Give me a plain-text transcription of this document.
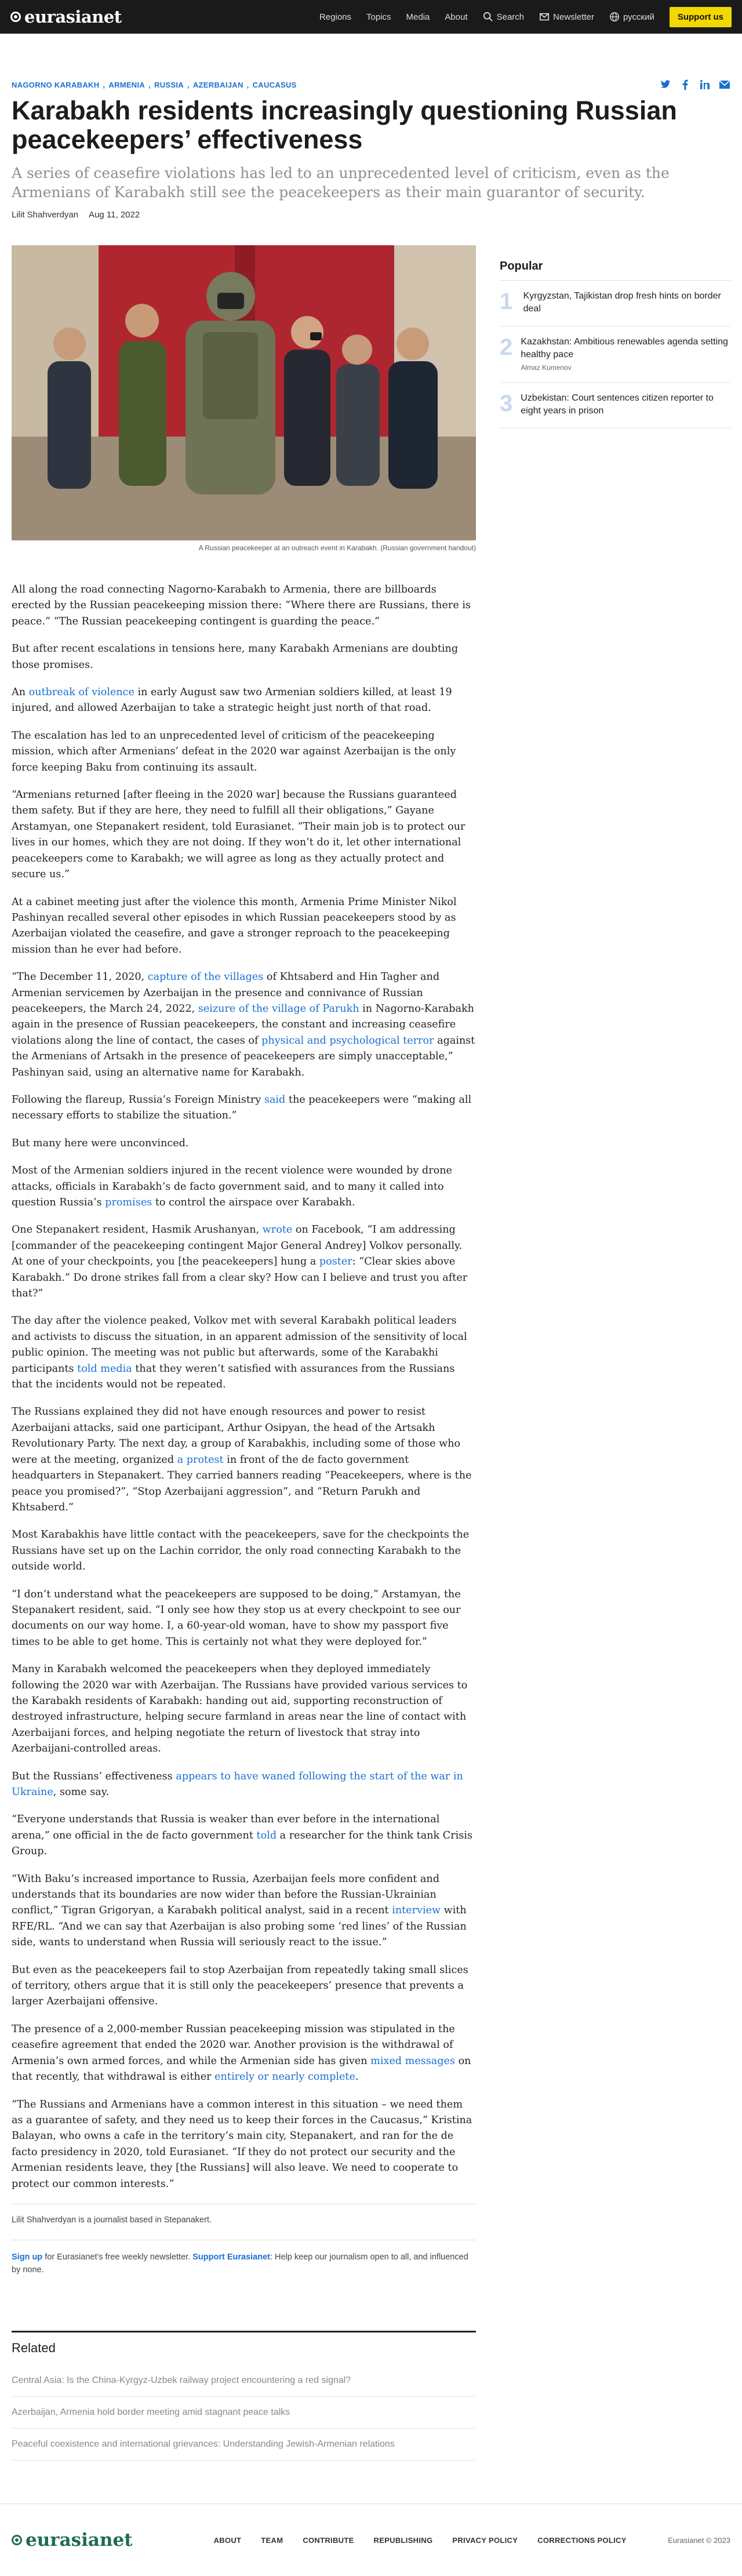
eurasianet	Regions Topics Media About	Search	Newsletter	русский	Support us
NAGORNO KARABAKH , ARMENIA , RUSSIA , AZERBAIJAN , CAUCASUS
Karabakh residents increasingly questioning Russian peacekeepers’ effectiveness

A series of ceasefire violations has led to an unprecedented level of criticism, even as the Armenians of Karabakh still see the peacekeepers as their main guarantor of security.

Lilit Shahverdyan Aug 11, 2022
A Russian peacekeeper at an outreach event in Karabakh. (Russian government handout)
Popular
1 Kyrgyzstan, Tajikistan drop fresh hints on border deal
2 Kazakhstan: Ambitious renewables agenda setting healthy pace
Almaz Kumenov
3 Uzbekistan: Court sentences citizen reporter to eight years in prison

All along the road connecting Nagorno-Karabakh to Armenia, there are billboards erected by the Russian peacekeeping mission there: “Where there are Russians, there is peace.” “The Russian peacekeeping contingent is guarding the peace.”

But after recent escalations in tensions here, many Karabakh Armenians are doubting those promises.

An outbreak of violence in early August saw two Armenian soldiers killed, at least 19 injured, and allowed Azerbaijan to take a strategic height just north of that road.

The escalation has led to an unprecedented level of criticism of the peacekeeping mission, which after Armenians’ defeat in the 2020 war against Azerbaijan is the only force keeping Baku from continuing its assault.

“Armenians returned [after fleeing in the 2020 war] because the Russians guaranteed them safety. But if they are here, they need to fulfill all their obligations,” Gayane Arstamyan, one Stepanakert resident, told Eurasianet. “Their main job is to protect our lives in our homes, which they are not doing. If they won’t do it, let other international peacekeepers come to Karabakh; we will agree as long as they actually protect and secure us.”

At a cabinet meeting just after the violence this month, Armenia Prime Minister Nikol Pashinyan recalled several other episodes in which Russian peacekeepers stood by as Azerbaijan violated the ceasefire, and gave a stronger reproach to the peacekeeping mission than he ever had before.

“The December 11, 2020, capture of the villages of Khtsaberd and Hin Tagher and Armenian servicemen by Azerbaijan in the presence and connivance of Russian peacekeepers, the March 24, 2022, seizure of the village of Parukh in Nagorno-Karabakh again in the presence of Russian peacekeepers, the constant and increasing ceasefire violations along the line of contact, the cases of physical and psychological terror against the Armenians of Artsakh in the presence of peacekeepers are simply unacceptable,” Pashinyan said, using an alternative name for Karabakh.

Following the flareup, Russia’s Foreign Ministry said the peacekeepers were “making all necessary efforts to stabilize the situation.”

But many here were unconvinced.

Most of the Armenian soldiers injured in the recent violence were wounded by drone attacks, officials in Karabakh’s de facto government said, and to many it called into question Russia’s promises to control the airspace over Karabakh.

One Stepanakert resident, Hasmik Arushanyan, wrote on Facebook, “I am addressing [commander of the peacekeeping contingent Major General Andrey] Volkov personally. At one of your checkpoints, you [the peacekeepers] hung a poster: “Clear skies above Karabakh.” Do drone strikes fall from a clear sky? How can I believe and trust you after that?”

The day after the violence peaked, Volkov met with several Karabakh political leaders and activists to discuss the situation, in an apparent admission of the sensitivity of local public opinion. The meeting was not public but afterwards, some of the Karabakhi participants told media that they weren’t satisfied with assurances from the Russians that the incidents would not be repeated.

The Russians explained they did not have enough resources and power to resist Azerbaijani attacks, said one participant, Arthur Osipyan, the head of the Artsakh Revolutionary Party. The next day, a group of Karabakhis, including some of those who were at the meeting, organized a protest in front of the de facto government headquarters in Stepanakert. They carried banners reading “Peacekeepers, where is the peace you promised?”, “Stop Azerbaijani aggression”, and “Return Parukh and Khtsaberd.”

Most Karabakhis have little contact with the peacekeepers, save for the checkpoints the Russians have set up on the Lachin corridor, the only road connecting Karabakh to the outside world.

“I don’t understand what the peacekeepers are supposed to be doing,” Arstamyan, the Stepanakert resident, said. “I only see how they stop us at every checkpoint to see our documents on our way home. I, a 60-year-old woman, have to show my passport five times to be able to get home. This is certainly not what they were deployed for.”

Many in Karabakh welcomed the peacekeepers when they deployed immediately following the 2020 war with Azerbaijan. The Russians have provided various services to the Karabakh residents of Karabakh: handing out aid, supporting reconstruction of destroyed infrastructure, helping secure farmland in areas near the line of contact with Azerbaijani forces, and helping negotiate the return of livestock that stray into Azerbaijani-controlled areas.

But the Russians’ effectiveness appears to have waned following the start of the war in Ukraine, some say.

“Everyone understands that Russia is weaker than ever before in the international arena,” one official in the de facto government told a researcher for the think tank Crisis Group.

“With Baku’s increased importance to Russia, Azerbaijan feels more confident and understands that its boundaries are now wider than before the Russian-Ukrainian conflict,” Tigran Grigoryan, a Karabakh political analyst, said in a recent interview with RFE/RL. “And we can say that Azerbaijan is also probing some ‘red lines’ of the Russian side, wants to understand when Russia will seriously react to the issue.”

But even as the peacekeepers fail to stop Azerbaijan from repeatedly taking small slices of territory, others argue that it is still only the peacekeepers’ presence that prevents a larger Azerbaijani offensive.

The presence of a 2,000-member Russian peacekeeping mission was stipulated in the ceasefire agreement that ended the 2020 war. Another provision is the withdrawal of Armenia’s own armed forces, and while the Armenian side has given mixed messages on that recently, that withdrawal is either entirely or nearly complete.

“The Russians and Armenians have a common interest in this situation – we need them as a guarantee of safety, and they need us to keep their forces in the Caucasus,” Kristina Balayan, who owns a cafe in the territory’s main city, Stepanakert, and ran for the de facto presidency in 2020, told Eurasianet. “If they do not protect our security and the Armenian residents leave, they [the Russians] will also leave. We need to cooperate to protect our common interests.”

Lilit Shahverdyan is a journalist based in Stepanakert.
Sign up for Eurasianet's free weekly newsletter. Support Eurasianet: Help keep our journalism open to all, and influenced by none.
Related
Central Asia: Is the China-Kyrgyz-Uzbek railway project encountering a red signal?
Azerbaijan, Armenia hold border meeting amid stagnant peace talks
Peaceful coexistence and international grievances: Understanding Jewish-Armenian relations
eurasianet	ABOUT	TEAM	CONTRIBUTE	REPUBLISHING	PRIVACY POLICY	CORRECTIONS POLICY	Eurasianet © 2023
